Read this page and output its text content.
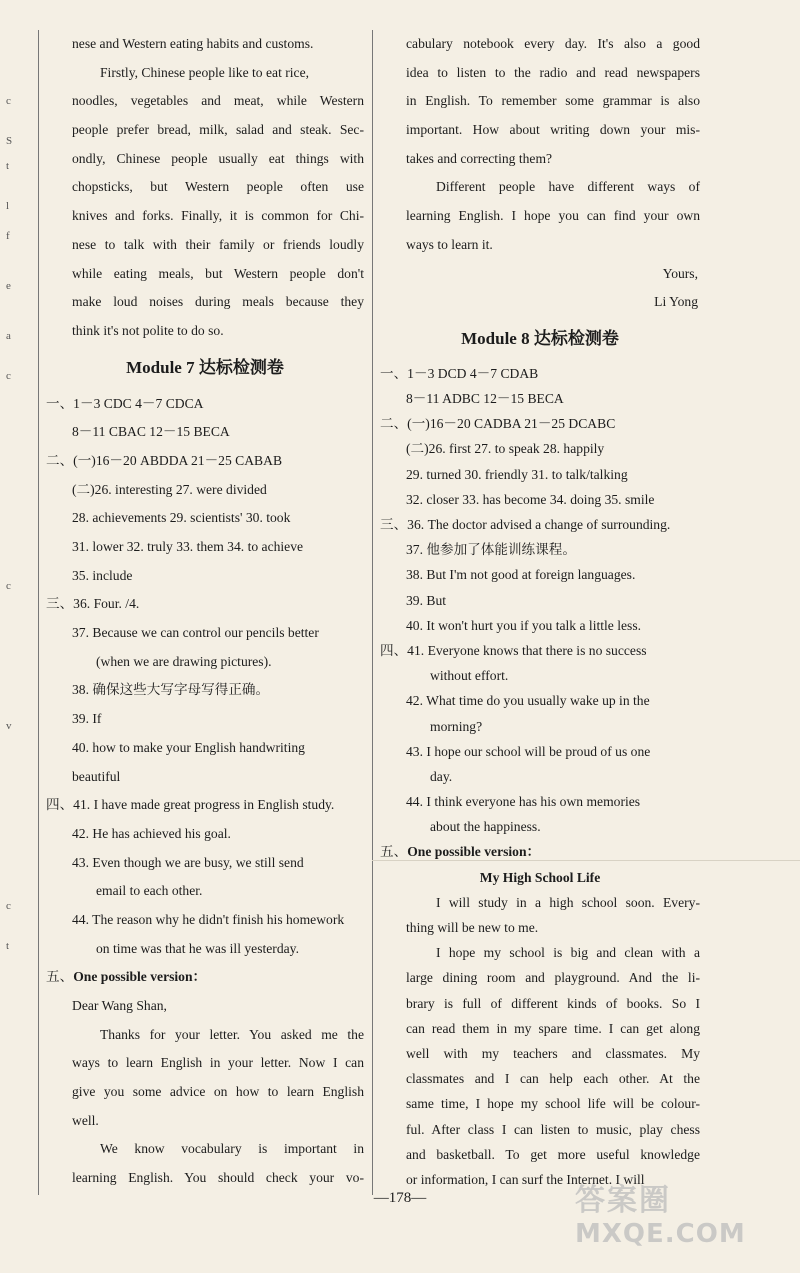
c
S
t
l
f
e
a
c
c
v
c
t
nese and Western eating habits and customs.
Firstly, Chinese people like to eat rice,
noodles, vegetables and meat, while Western
people prefer bread, milk, salad and steak. Sec-
ondly, Chinese people usually eat things with
chopsticks, but Western people often use
knives and forks. Finally, it is common for Chi-
nese to talk with their family or friends loudly
while eating meals, but Western people don't
make loud noises during meals because they
think it's not polite to do so.
Module 7 达标检测卷
一、1－3 CDC 4－7 CDCA
8－11 CBAC 12－15 BECA
二、(一)16－20 ABDDA 21－25 CABAB
(二)26. interesting 27. were divided
28. achievements 29. scientists' 30. took
31. lower 32. truly 33. them 34. to achieve
35. include
三、36. Four. /4.
37. Because we can control our pencils better
(when we are drawing pictures).
38. 确保这些大写字母写得正确。
39. If
40. how to make your English handwriting
beautiful
四、41. I have made great progress in English study.
42. He has achieved his goal.
43. Even though we are busy, we still send
email to each other.
44. The reason why he didn't finish his homework
on time was that he was ill yesterday.
五、One possible version：
Dear Wang Shan,
Thanks for your letter. You asked me the
ways to learn English in your letter. Now I can
give you some advice on how to learn English
well.
We know vocabulary is important in
learning English. You should check your vo-
cabulary notebook every day. It's also a good
idea to listen to the radio and read newspapers
in English. To remember some grammar is also
important. How about writing down your mis-
takes and correcting them?
Different people have different ways of
learning English. I hope you can find your own
ways to learn it.
Yours,
Li Yong
Module 8 达标检测卷
一、1－3 DCD 4－7 CDAB
8－11 ADBC 12－15 BECA
二、(一)16－20 CADBA 21－25 DCABC
(二)26. first 27. to speak 28. happily
29. turned 30. friendly 31. to talk/talking
32. closer 33. has become 34. doing 35. smile
三、36. The doctor advised a change of surrounding.
37. 他参加了体能训练课程。
38. But I'm not good at foreign languages.
39. But
40. It won't hurt you if you talk a little less.
四、41. Everyone knows that there is no success
without effort.
42. What time do you usually wake up in the
morning?
43. I hope our school will be proud of us one
day.
44. I think everyone has his own memories
about the happiness.
五、One possible version：
My High School Life
I will study in a high school soon. Every-
thing will be new to me.
I hope my school is big and clean with a
large dining room and playground. And the li-
brary is full of different kinds of books. So I
can read them in my spare time. I can get along
well with my teachers and classmates. My
classmates and I can help each other. At the
same time, I hope my school life will be colour-
ful. After class I can listen to music, play chess
and basketball. To get more useful knowledge
or information, I can surf the Internet. I will
—178—	答案圈
MXQE.COM
